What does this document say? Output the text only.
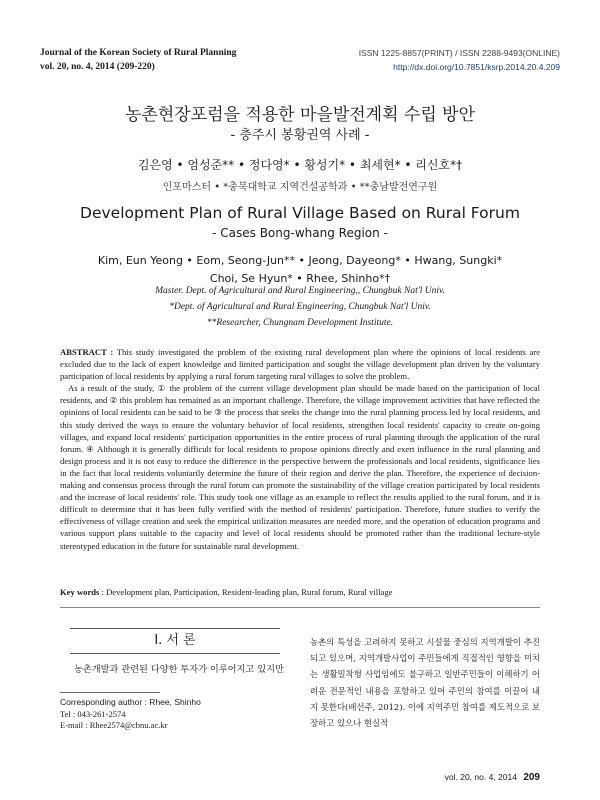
Journal of the Korean Society of Rural Planning
vol. 20, no. 4, 2014 (209-220)
ISSN 1225-8857(PRINT) / ISSN 2288-9493(ONLINE)
http://dx.doi.org/10.7851/ksrp.2014.20.4.209
농촌현장포럼을 적용한 마을발전계획 수립 방안
- 충주시 봉황권역 사례 -
김은영 • 엄성준** • 정다영* • 황성기* • 최세현* • 리신호*†
인포마스터 • *충북대학교 지역건설공학과 • **충남발전연구원
Development Plan of Rural Village Based on Rural Forum
- Cases Bong-whang Region -
Kim, Eun Yeong • Eom, Seong-Jun** • Jeong, Dayeong* • Hwang, Sungki*
Choi, Se Hyun* • Rhee, Shinho*†
Master. Dept. of Agricultural and Rural Engineering,, Chungbuk Nat'l Univ.
*Dept. of Agricultural and Rural Engineering, Chungbuk Nat'l Univ.
**Researcher, Chungnam Development Institute.

ABSTRACT : This study investigated the problem of the existing rural development plan where the opinions of local residents are excluded due to the lack of expert knowledge and limited participation and sought the village development plan driven by the voluntary participation of local residents by applying a rural forum targeting rural villages to solve the problem.

As a result of the study, ① the problem of the current village development plan should be made based on the participation of local residents, and ② this problem has remained as an important challenge. Therefore, the village improvement activities that have reflected the opinions of local residents can be said to be ③ the process that seeks the change into the rural planning process led by local residents, and this study derived the ways to ensure the voluntary behavior of local residents, strengthen local residents' capacity to create on-going villages, and expand local residents' participation opportunities in the entire process of rural planning through the application of the rural forum. ④ Although it is generally difficult for local residents to propose opinions directly and exert influence in the rural planning and design process and it is not easy to reduce the difference in the perspective between the professionals and local residents, significance lies in the fact that local residents voluntarily determine the future of their region and derive the plan. Therefore, the experience of decision-making and consensus process through the rural forum can promote the sustainability of the village creation participated by local residents and the increase of local residents' role. This study took one village as an example to reflect the results applied to the rural forum, and it is difficult to determine that it has been fully verified with the method of residents' participation. Therefore, future studies to verify the effectiveness of village creation and seek the empirical utilization measures are needed more, and the operation of education programs and various support plans suitable to the capacity and level of local residents should be promoted rather than the traditional lecture-style stereotyped education in the future for sustainable rural development.

Key words : Development plan, Participation, Resident-leading plan, Rural forum, Rural village
I. 서 론
농촌개발과 관련된 다양한 투자가 이루어지고 있지만
Corresponding author : Rhee, Shinho
Tel : 043-261-2574
E-mail : Rhee2574@cbnu.ac.kr

농촌의 특성을 고려하지 못하고 시설물 중심의 지역개발이 추진되고 있으며, 지역개발사업이 주민들에게 직접적인 영향을 미치는 생활밀착형 사업임에도 불구하고 일반주민들이 이해하기 어려운 전문적인 내용을 포함하고 있어 주민의 참여를 이끌어 내지 못한다(배선주, 2012). 이에 지역주민 참여를 제도적으로 보장하고 있으나 현실적

vol. 20, no. 4, 2014 209
